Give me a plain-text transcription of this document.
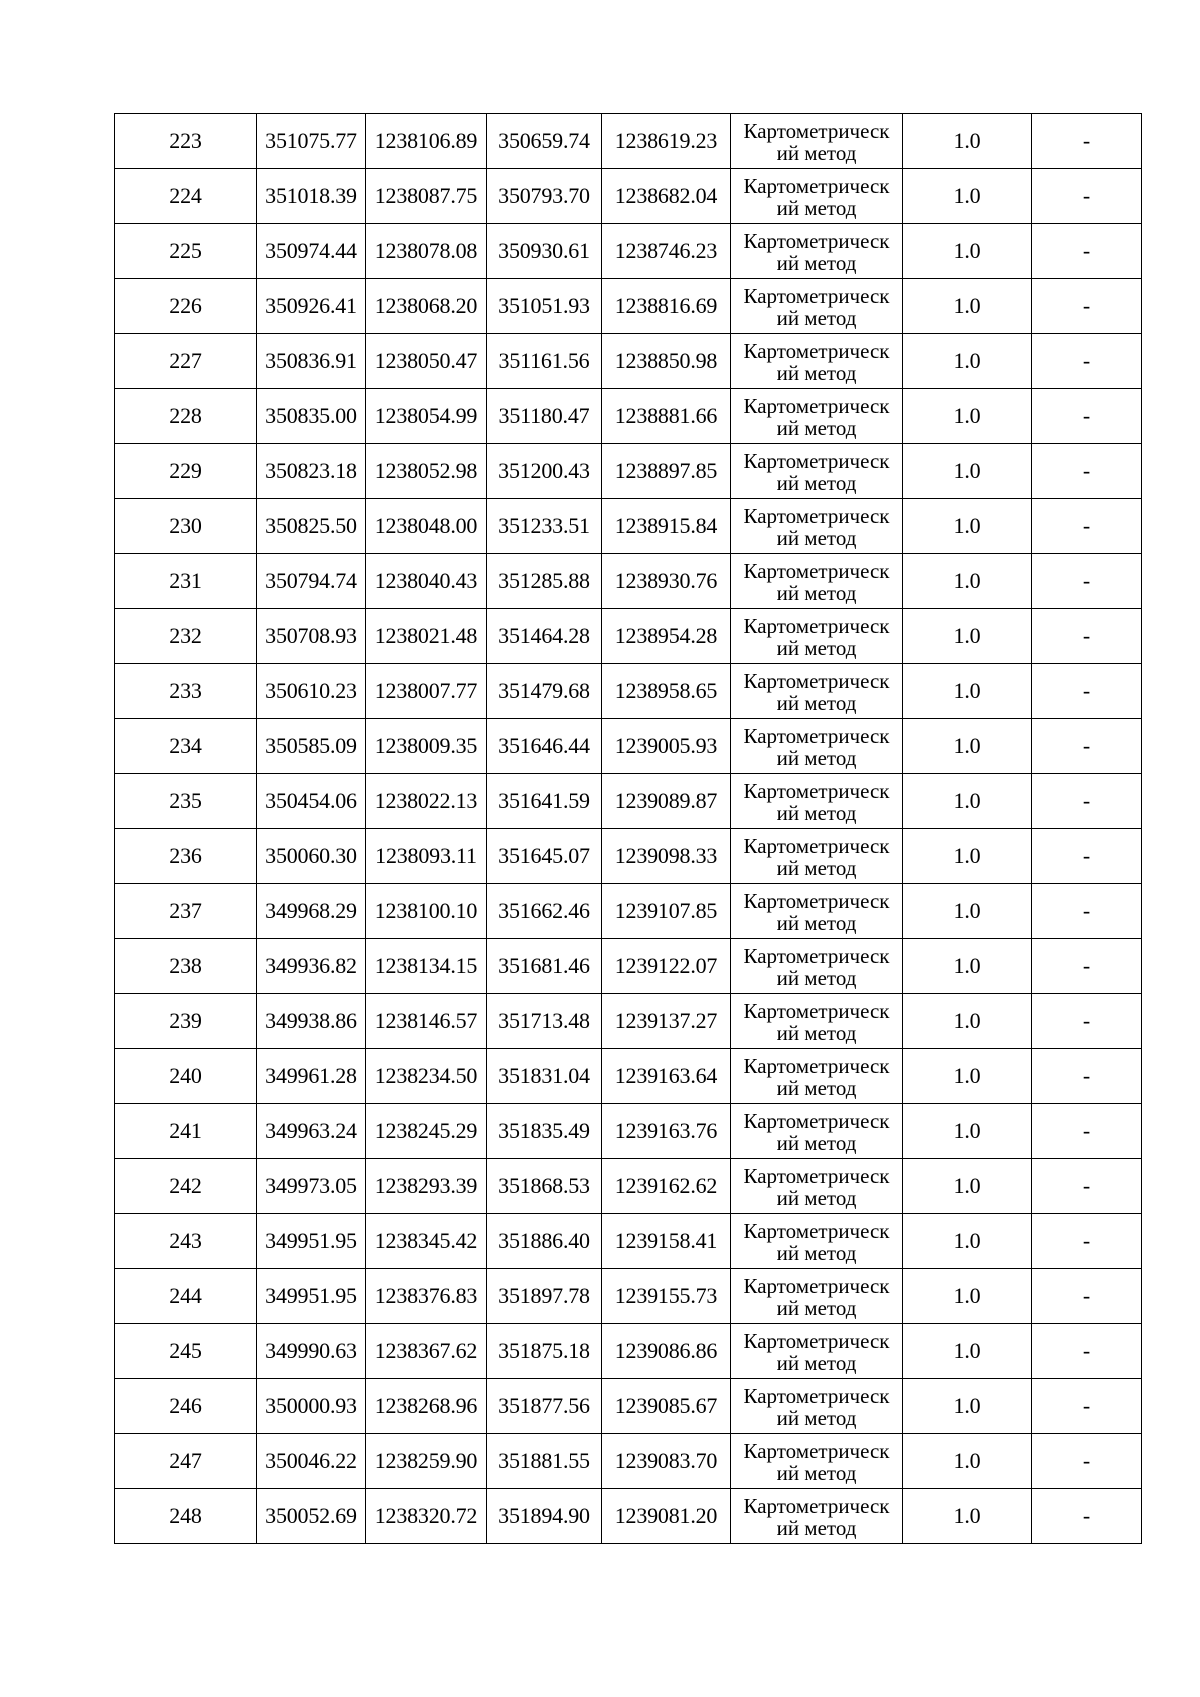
223	351075.77	1238106.89	350659.74	1238619.23	Картометрическ
ий метод	1.0	-
224	351018.39	1238087.75	350793.70	1238682.04	Картометрическ
ий метод	1.0	-
225	350974.44	1238078.08	350930.61	1238746.23	Картометрическ
ий метод	1.0	-
226	350926.41	1238068.20	351051.93	1238816.69	Картометрическ
ий метод	1.0	-
227	350836.91	1238050.47	351161.56	1238850.98	Картометрическ
ий метод	1.0	-
228	350835.00	1238054.99	351180.47	1238881.66	Картометрическ
ий метод	1.0	-
229	350823.18	1238052.98	351200.43	1238897.85	Картометрическ
ий метод	1.0	-
230	350825.50	1238048.00	351233.51	1238915.84	Картометрическ
ий метод	1.0	-
231	350794.74	1238040.43	351285.88	1238930.76	Картометрическ
ий метод	1.0	-
232	350708.93	1238021.48	351464.28	1238954.28	Картометрическ
ий метод	1.0	-
233	350610.23	1238007.77	351479.68	1238958.65	Картометрическ
ий метод	1.0	-
234	350585.09	1238009.35	351646.44	1239005.93	Картометрическ
ий метод	1.0	-
235	350454.06	1238022.13	351641.59	1239089.87	Картометрическ
ий метод	1.0	-
236	350060.30	1238093.11	351645.07	1239098.33	Картометрическ
ий метод	1.0	-
237	349968.29	1238100.10	351662.46	1239107.85	Картометрическ
ий метод	1.0	-
238	349936.82	1238134.15	351681.46	1239122.07	Картометрическ
ий метод	1.0	-
239	349938.86	1238146.57	351713.48	1239137.27	Картометрическ
ий метод	1.0	-
240	349961.28	1238234.50	351831.04	1239163.64	Картометрическ
ий метод	1.0	-
241	349963.24	1238245.29	351835.49	1239163.76	Картометрическ
ий метод	1.0	-
242	349973.05	1238293.39	351868.53	1239162.62	Картометрическ
ий метод	1.0	-
243	349951.95	1238345.42	351886.40	1239158.41	Картометрическ
ий метод	1.0	-
244	349951.95	1238376.83	351897.78	1239155.73	Картометрическ
ий метод	1.0	-
245	349990.63	1238367.62	351875.18	1239086.86	Картометрическ
ий метод	1.0	-
246	350000.93	1238268.96	351877.56	1239085.67	Картометрическ
ий метод	1.0	-
247	350046.22	1238259.90	351881.55	1239083.70	Картометрическ
ий метод	1.0	-
248	350052.69	1238320.72	351894.90	1239081.20	Картометрическ
ий метод	1.0	-
